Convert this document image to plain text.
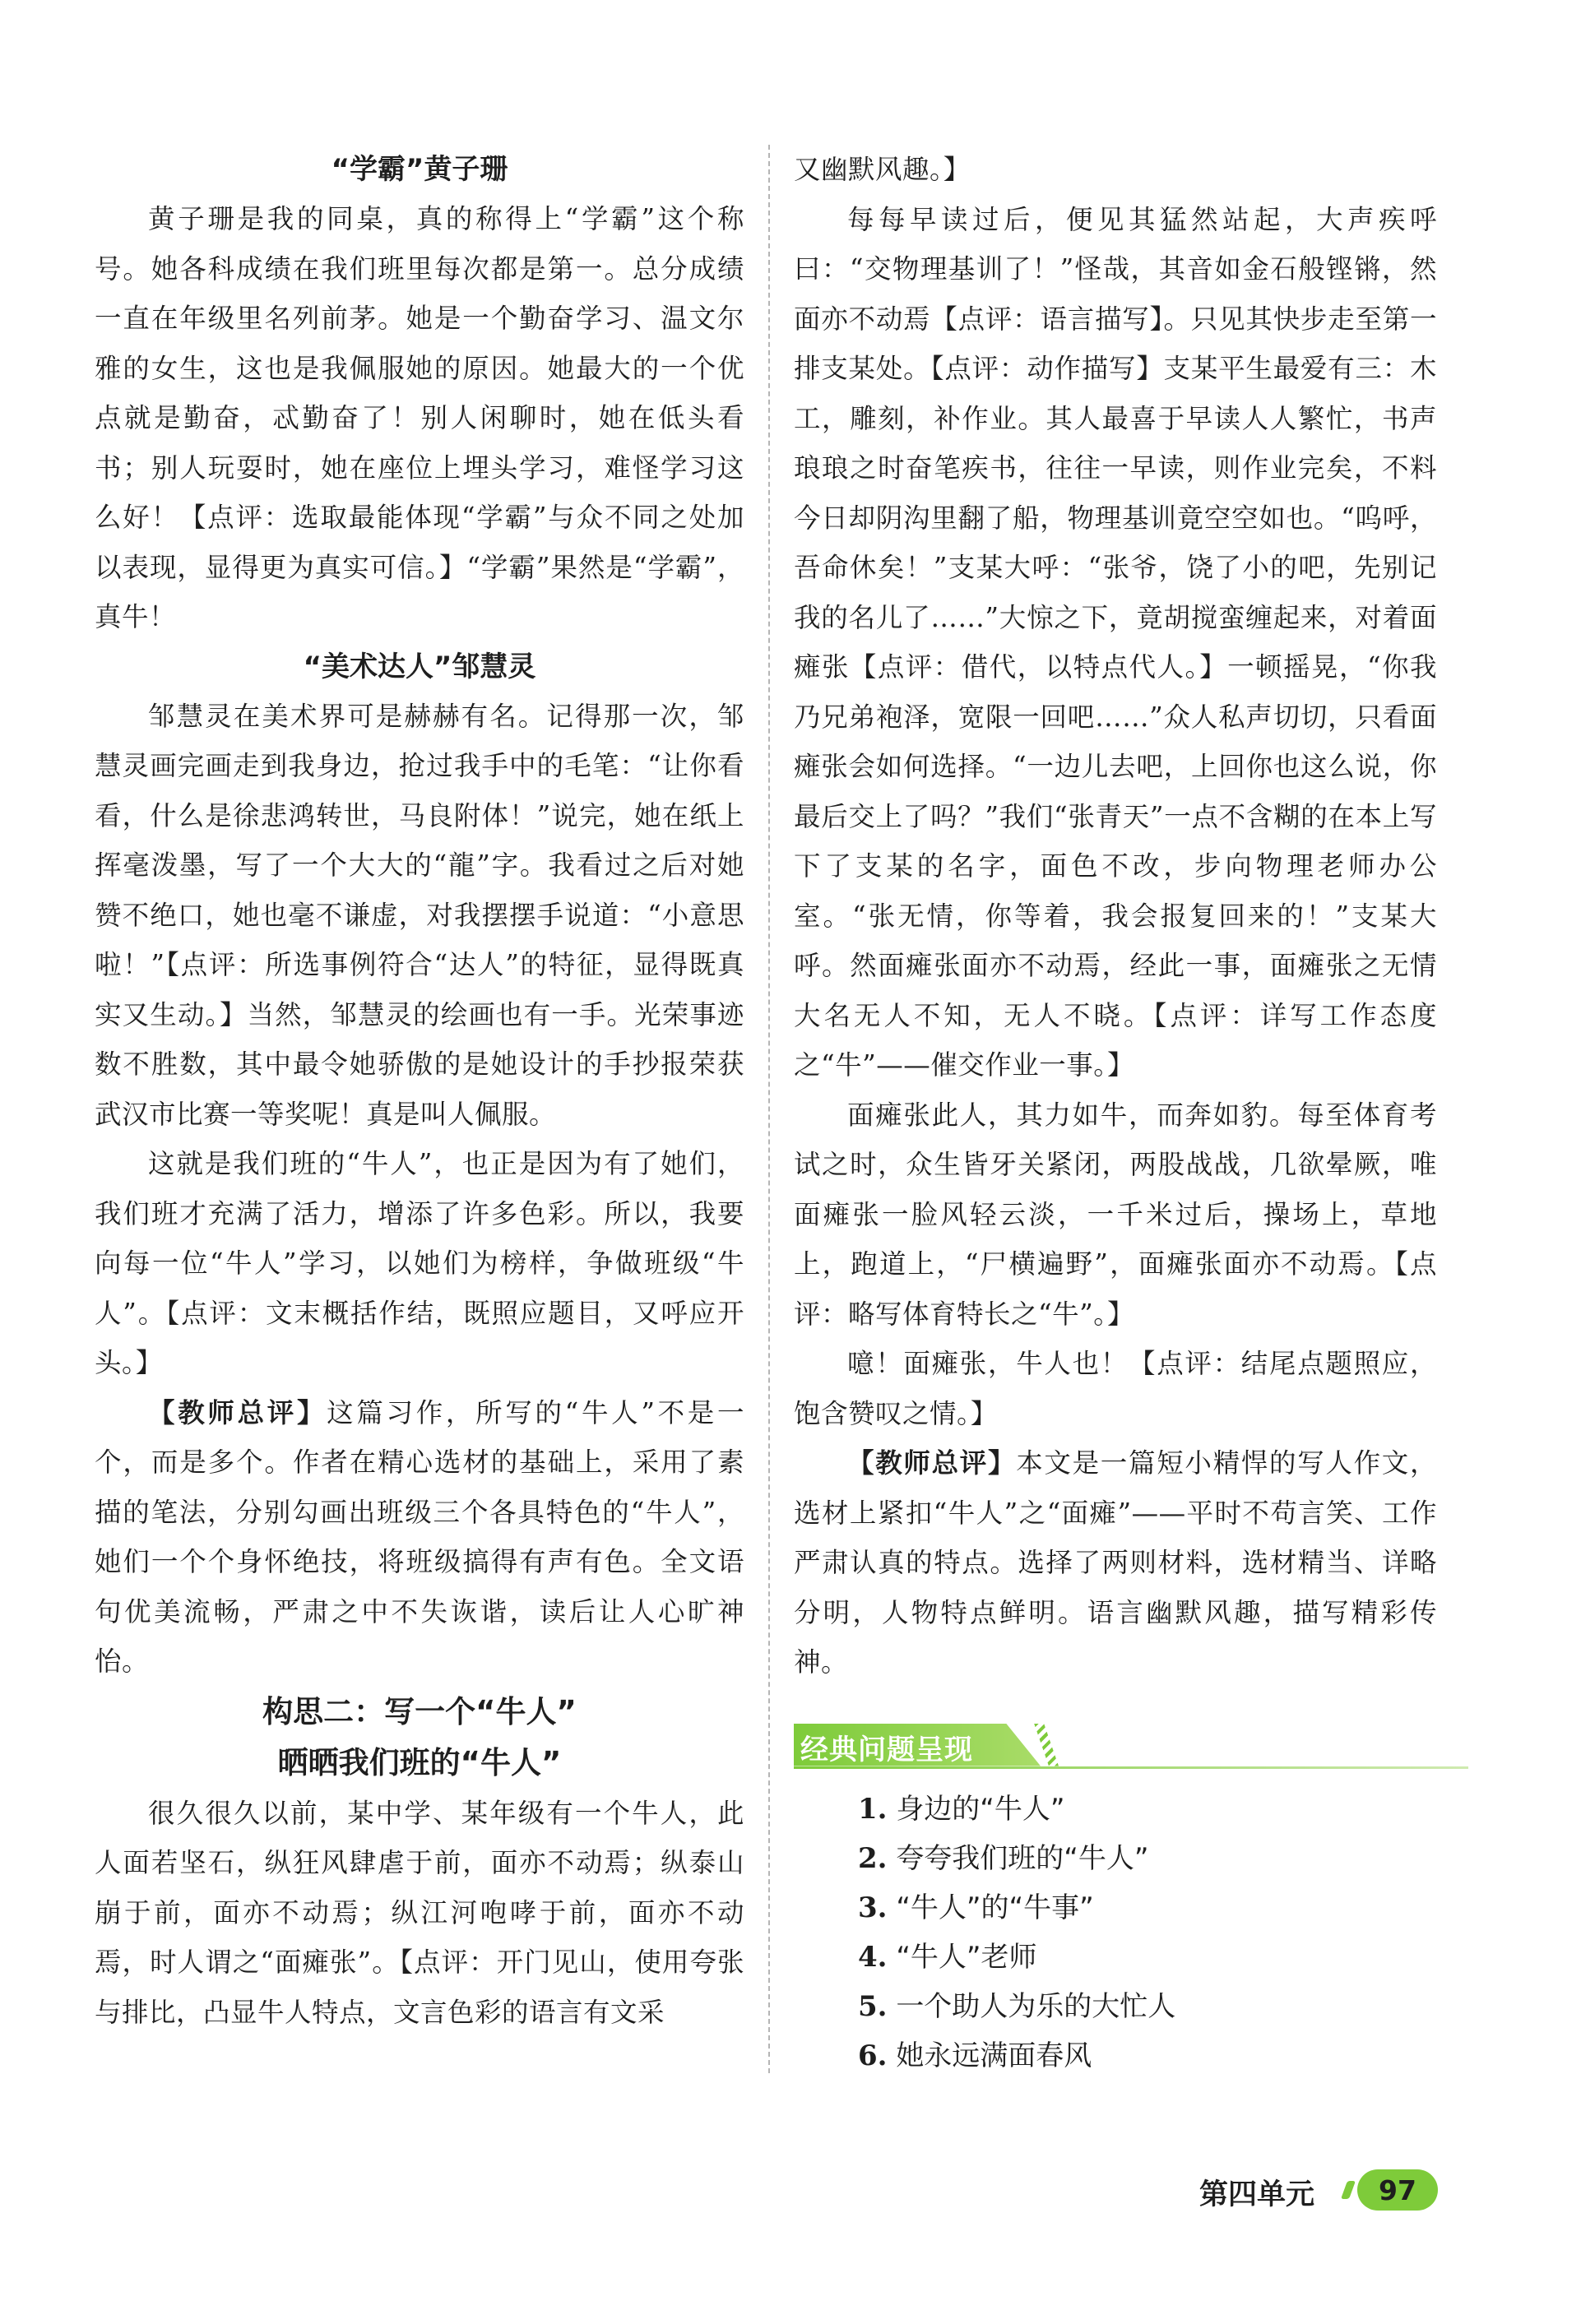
“学霸”黄子珊

黄子珊是我的同桌，真的称得上“学霸”这个称号。她各科成绩在我们班里每次都是第一。总分成绩一直在年级里名列前茅。她是一个勤奋学习、温文尔雅的女生，这也是我佩服她的原因。她最大的一个优点就是勤奋，忒勤奋了！别人闲聊时，她在低头看书；别人玩耍时，她在座位上埋头学习，难怪学习这么好！【点评：选取最能体现“学霸”与众不同之处加以表现，显得更为真实可信。】“学霸”果然是“学霸”，真牛！

“美术达人”邹慧灵

邹慧灵在美术界可是赫赫有名。记得那一次，邹慧灵画完画走到我身边，抢过我手中的毛笔：“让你看看，什么是徐悲鸿转世，马良附体！”说完，她在纸上挥毫泼墨，写了一个大大的“龍”字。我看过之后对她赞不绝口，她也毫不谦虚，对我摆摆手说道：“小意思啦！”【点评：所选事例符合“达人”的特征，显得既真实又生动。】当然，邹慧灵的绘画也有一手。光荣事迹数不胜数，其中最令她骄傲的是她设计的手抄报荣获武汉市比赛一等奖呢！真是叫人佩服。

这就是我们班的“牛人”，也正是因为有了她们，我们班才充满了活力，增添了许多色彩。所以，我要向每一位“牛人”学习，以她们为榜样，争做班级“牛人”。【点评：文末概括作结，既照应题目，又呼应开头。】

【教师总评】这篇习作，所写的“牛人”不是一个，而是多个。作者在精心选材的基础上，采用了素描的笔法，分别勾画出班级三个各具特色的“牛人”，她们一个个身怀绝技，将班级搞得有声有色。全文语句优美流畅，严肃之中不失诙谐，读后让人心旷神怡。

构思二：写一个“牛人”
晒晒我们班的“牛人”

很久很久以前，某中学、某年级有一个牛人，此人面若坚石，纵狂风肆虐于前，面亦不动焉；纵泰山崩于前，面亦不动焉；纵江河咆哮于前，面亦不动焉，时人谓之“面瘫张”。【点评：开门见山，使用夸张与排比，凸显牛人特点，文言色彩的语言有文采

又幽默风趣。】

每每早读过后，便见其猛然站起，大声疾呼曰：“交物理基训了！”怪哉，其音如金石般铿锵，然面亦不动焉【点评：语言描写】。只见其快步走至第一排支某处。【点评：动作描写】支某平生最爱有三：木工，雕刻，补作业。其人最喜于早读人人繁忙，书声琅琅之时奋笔疾书，往往一早读，则作业完矣，不料今日却阴沟里翻了船，物理基训竟空空如也。“呜呼，吾命休矣！”支某大呼：“张爷，饶了小的吧，先别记我的名儿了……”大惊之下，竟胡搅蛮缠起来，对着面瘫张【点评：借代，以特点代人。】一顿摇晃，“你我乃兄弟袍泽，宽限一回吧……”众人私声切切，只看面瘫张会如何选择。“一边儿去吧，上回你也这么说，你最后交上了吗？”我们“张青天”一点不含糊的在本上写下了支某的名字，面色不改，步向物理老师办公室。“张无情，你等着，我会报复回来的！”支某大呼。然面瘫张面亦不动焉，经此一事，面瘫张之无情大名无人不知，无人不晓。【点评：详写工作态度之“牛”——催交作业一事。】

面瘫张此人，其力如牛，而奔如豹。每至体育考试之时，众生皆牙关紧闭，两股战战，几欲晕厥，唯面瘫张一脸风轻云淡，一千米过后，操场上，草地上，跑道上，“尸横遍野”，面瘫张面亦不动焉。【点评：略写体育特长之“牛”。】

噫！面瘫张，牛人也！【点评：结尾点题照应，饱含赞叹之情。】

【教师总评】本文是一篇短小精悍的写人作文，选材上紧扣“牛人”之“面瘫”——平时不苟言笑、工作严肃认真的特点。选择了两则材料，选材精当、详略分明，人物特点鲜明。语言幽默风趣，描写精彩传神。

经典问题呈现
1. 身边的“牛人”
2. 夸夸我们班的“牛人”
3. “牛人”的“牛事”
4. “牛人”老师
5. 一个助人为乐的大忙人
6. 她永远满面春风
第四单元 97
